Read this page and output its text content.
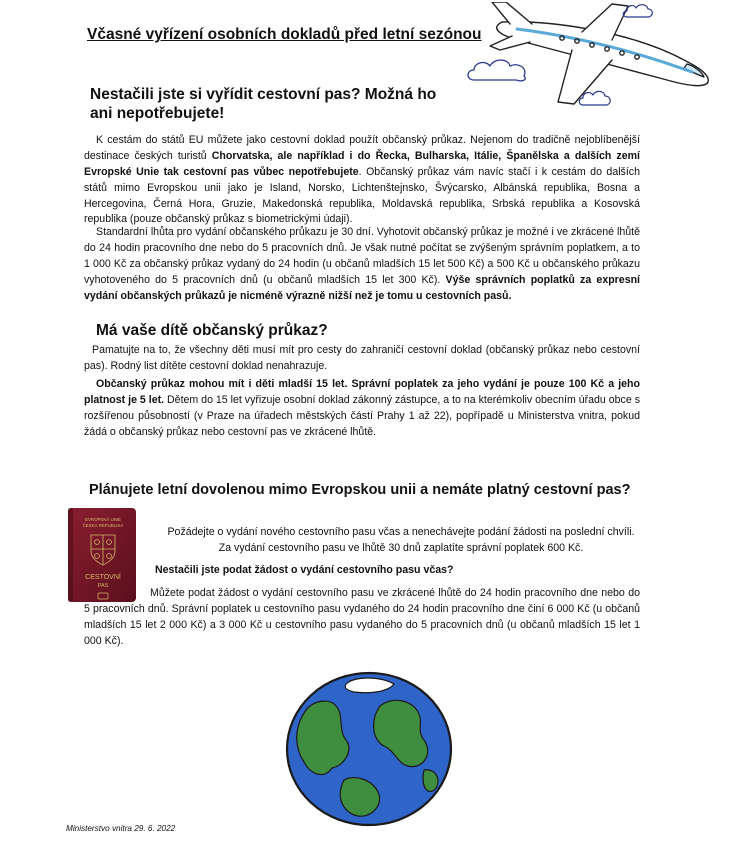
Včasné vyřízení osobních dokladů před letní sezónou
Nestačili jste si vyřídit cestovní pas? Možná ho ani nepotřebujete!

K cestám do států EU můžete jako cestovní doklad použít občanský průkaz. Nejenom do tradičně nejoblíbenější destinace českých turistů Chorvatska, ale například i do Řecka, Bulharska, Itálie, Španělska a dalších zemí Evropské Unie tak cestovní pas vůbec nepotřebujete. Občanský průkaz vám navíc stačí i k cestám do dalších států mimo Evropskou unii jako je Island, Norsko, Lichtenštejnsko, Švýcarsko, Albánská republika, Bosna a Hercegovina, Černá Hora, Gruzie, Makedonská republika, Moldavská republika, Srbská republika a Kosovská republika (pouze občanský průkaz s biometrickými údaji).

Standardní lhůta pro vydání občanského průkazu je 30 dní. Vyhotovit občanský průkaz je možné i ve zkrácené lhůtě do 24 hodin pracovního dne nebo do 5 pracovních dnů. Je však nutné počítat se zvýšeným správním poplatkem, a to 1 000 Kč za občanský průkaz vydaný do 24 hodin (u občanů mladších 15 let 500 Kč) a 500 Kč u občanského průkazu vyhotoveného do 5 pracovních dnů (u občanů mladších 15 let 300 Kč). Výše správních poplatků za expresní vydání občanských průkazů je nicméně výrazně nižší než je tomu u cestovních pasů.

Má vaše dítě občanský průkaz?

Pamatujte na to, že všechny děti musí mít pro cesty do zahraničí cestovní doklad (občanský průkaz nebo cestovní pas). Rodný list dítěte cestovní doklad nenahrazuje.

Občanský průkaz mohou mít i děti mladší 15 let. Správní poplatek za jeho vydání je pouze 100 Kč a jeho platnost je 5 let. Dětem do 15 let vyřizuje osobní doklad zákonný zástupce, a to na kterémkoliv obecním úřadu obce s rozšířenou působností (v Praze na úřadech městských částí Prahy 1 až 22), popřípadě u Ministerstva vnitra, pokud žádá o občanský průkaz nebo cestovní pas ve zkrácené lhůtě.

Plánujete letní dovolenou mimo Evropskou unii a nemáte platný cestovní pas?
EVROPSKÁ UNIE
ČESKÁ REPUBLIKA
CESTOVNÍ
PAS

Požádejte o vydání nového cestovního pasu včas a nenechávejte podání žádosti na poslední chvíli. Za vydání cestovního pasu ve lhůtě 30 dnů zaplatíte správní poplatek 600 Kč.

Nestačili jste podat žádost o vydání cestovního pasu včas?

Můžete podat žádost o vydání cestovního pasu ve zkrácené lhůtě do 24 hodin pracovního dne nebo do 5 pracovních dnů. Správní poplatek u cestovního pasu vydaného do 24 hodin pracovního dne činí 6 000 Kč (u občanů mladších 15 let 2 000 Kč) a 3 000 Kč u cestovního pasu vydaného do 5 pracovních dnů (u občanů mladších 15 let 1 000 Kč).

Ministerstvo vnitra 29. 6. 2022
